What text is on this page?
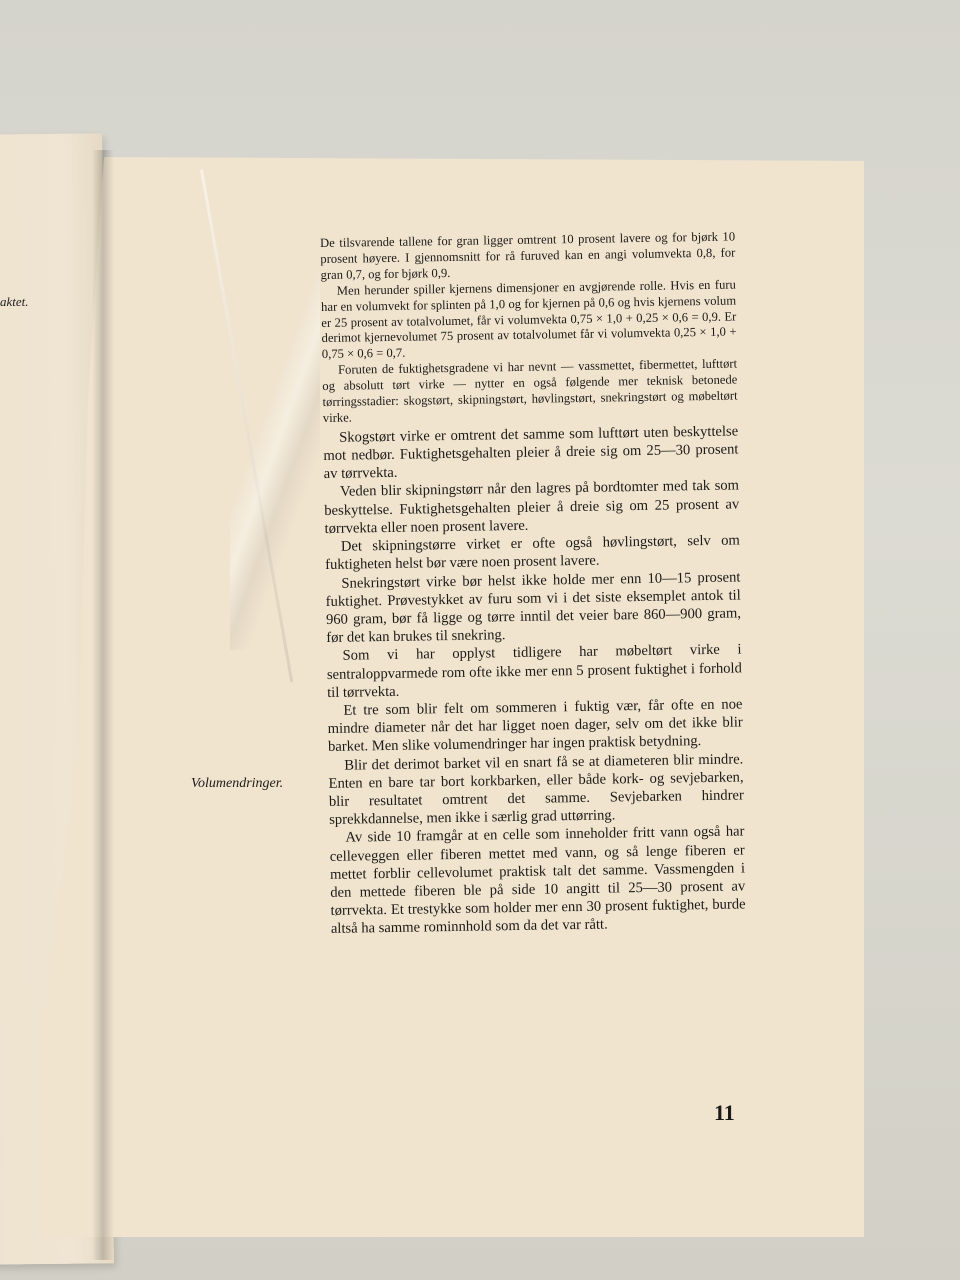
aktet.
Volumendringer.

De tilsvarende tallene for gran ligger omtrent 10 prosent lavere og for bjørk 10 prosent høyere. I gjennomsnitt for rå furuved kan en angi volumvekta 0,8, for gran 0,7, og for bjørk 0,9.

Men herunder spiller kjernens dimensjoner en avgjørende rolle. Hvis en furu har en volumvekt for splinten på 1,0 og for kjernen på 0,6 og hvis kjernens volum er 25 prosent av totalvolumet, får vi volumvekta 0,75 × 1,0 + 0,25 × 0,6 = 0,9. Er derimot kjernevolumet 75 prosent av totalvolumet får vi volumvekta 0,25 × 1,0 + 0,75 × 0,6 = 0,7.

Foruten de fuktighetsgradene vi har nevnt — vassmettet, fibermettet, lufttørt og absolutt tørt virke — nytter en også følgende mer teknisk betonede tørringsstadier: skogstørt, skipningstørt, høvlingstørt, snekringstørt og møbeltørt virke.

Skogstørt virke er omtrent det samme som lufttørt uten beskyttelse mot nedbør. Fuktighetsgehalten pleier å dreie sig om 25—30 prosent av tørrvekta.

Veden blir skipningstørr når den lagres på bordtomter med tak som beskyttelse. Fuktighetsgehalten pleier å dreie sig om 25 prosent av tørrvekta eller noen prosent lavere.

Det skipningstørre virket er ofte også høvlingstørt, selv om fuktigheten helst bør være noen prosent lavere.

Snekringstørt virke bør helst ikke holde mer enn 10—15 prosent fuktighet. Prøvestykket av furu som vi i det siste eksemplet antok til 960 gram, bør få ligge og tørre inntil det veier bare 860—900 gram, før det kan brukes til snekring.

Som vi har opplyst tidligere har møbeltørt virke i sentraloppvarmede rom ofte ikke mer enn 5 prosent fuktighet i forhold til tørrvekta.

Et tre som blir felt om sommeren i fuktig vær, får ofte en noe mindre diameter når det har ligget noen dager, selv om det ikke blir barket. Men slike volumendringer har ingen praktisk betydning.

Blir det derimot barket vil en snart få se at diameteren blir mindre. Enten en bare tar bort korkbarken, eller både kork- og sevjebarken, blir resultatet omtrent det samme. Sevjebarken hindrer sprekkdannelse, men ikke i særlig grad uttørring.

Av side 10 framgår at en celle som inneholder fritt vann også har celleveggen eller fiberen mettet med vann, og så lenge fiberen er mettet forblir cellevolumet praktisk talt det samme. Vassmengden i den mettede fiberen ble på side 10 angitt til 25—30 prosent av tørrvekta. Et trestykke som holder mer enn 30 prosent fuktighet, burde altså ha samme rominnhold som da det var rått.

11
